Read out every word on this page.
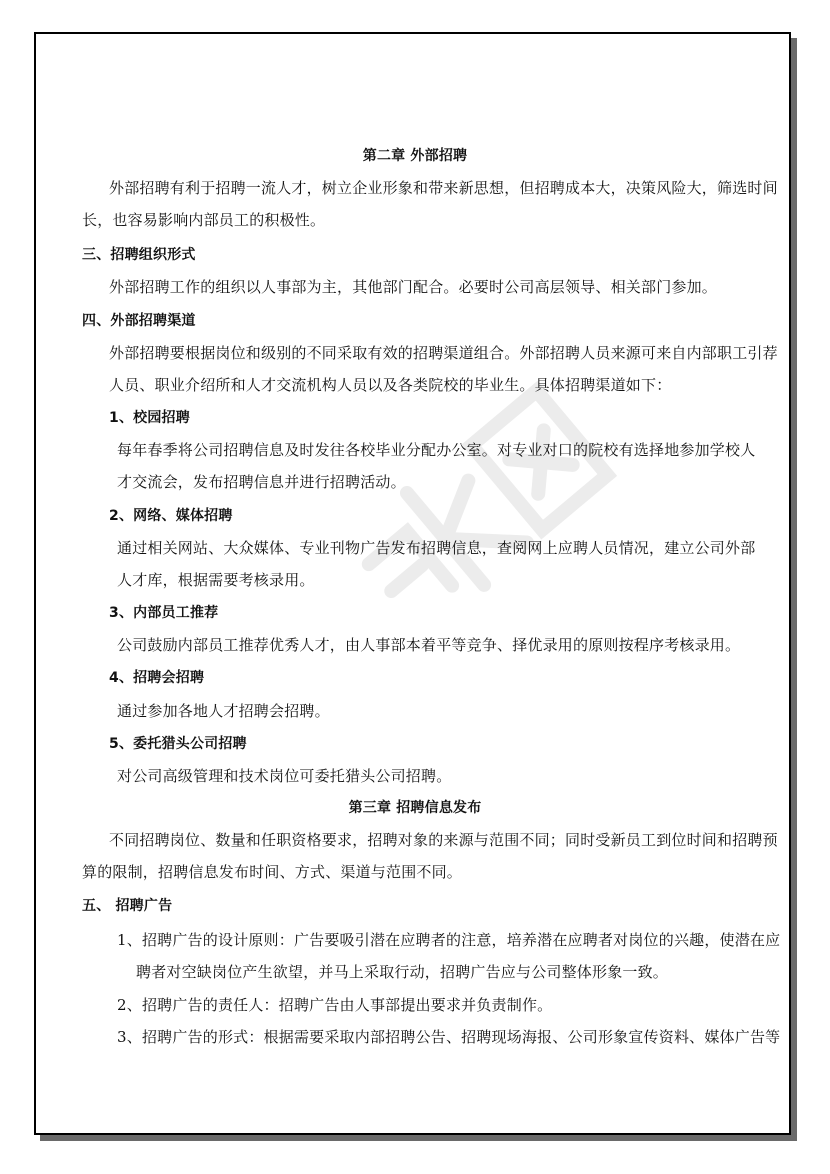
第二章 外部招聘
外部招聘有利于招聘一流人才，树立企业形象和带来新思想，但招聘成本大，决策风险大，筛选时间
长，也容易影响内部员工的积极性。
三、招聘组织形式
外部招聘工作的组织以人事部为主，其他部门配合。必要时公司高层领导、相关部门参加。
四、外部招聘渠道
外部招聘要根据岗位和级别的不同采取有效的招聘渠道组合。外部招聘人员来源可来自内部职工引荐
人员、职业介绍所和人才交流机构人员以及各类院校的毕业生。具体招聘渠道如下：
1、校园招聘
每年春季将公司招聘信息及时发往各校毕业分配办公室。对专业对口的院校有选择地参加学校人
才交流会，发布招聘信息并进行招聘活动。
2、网络、媒体招聘
通过相关网站、大众媒体、专业刊物广告发布招聘信息，查阅网上应聘人员情况，建立公司外部
人才库，根据需要考核录用。
3、内部员工推荐
公司鼓励内部员工推荐优秀人才，由人事部本着平等竞争、择优录用的原则按程序考核录用。
4、招聘会招聘
通过参加各地人才招聘会招聘。
5、委托猎头公司招聘
对公司高级管理和技术岗位可委托猎头公司招聘。
第三章 招聘信息发布
不同招聘岗位、数量和任职资格要求，招聘对象的来源与范围不同；同时受新员工到位时间和招聘预
算的限制，招聘信息发布时间、方式、渠道与范围不同。
五、 招聘广告
1、招聘广告的设计原则：广告要吸引潜在应聘者的注意，培养潜在应聘者对岗位的兴趣，使潜在应
聘者对空缺岗位产生欲望，并马上采取行动，招聘广告应与公司整体形象一致。
2、招聘广告的责任人：招聘广告由人事部提出要求并负责制作。
3、招聘广告的形式：根据需要采取内部招聘公告、招聘现场海报、公司形象宣传资料、媒体广告等
